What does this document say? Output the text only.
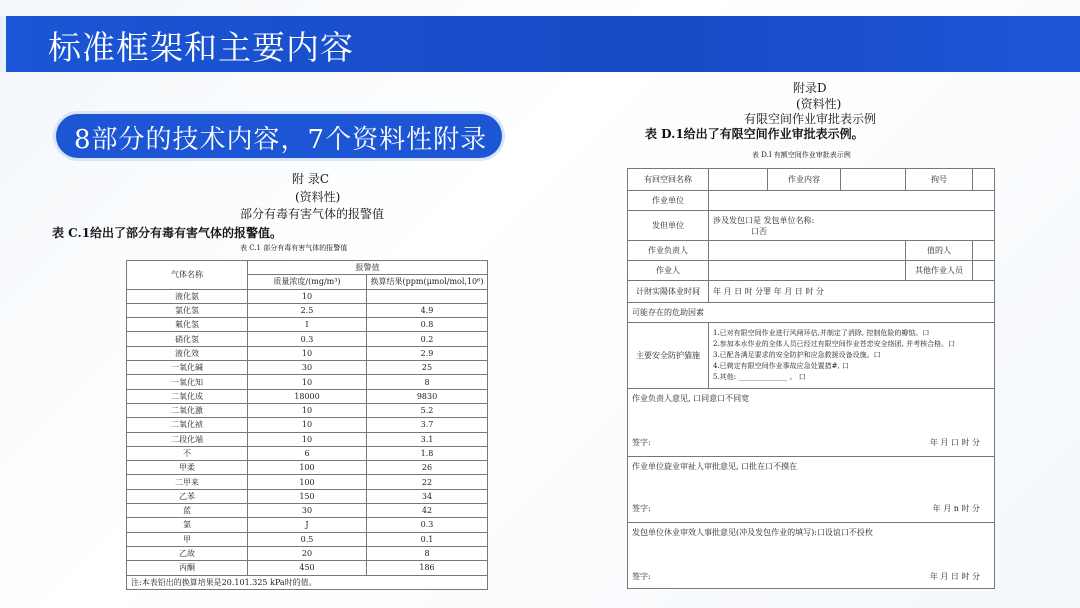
标准框架和主要内容
8部分的技术内容，7个资料性附录
附 录C
(资料性)
部分有毒有害气体的报警值
表 C.1给出了部分有毒有害气体的报警值。
表 C.1 部分有毒有害气体的报警值
气体名称	报警值	
	质量浓度/(mg/m³)	换算结果(ppm(μmol/mol,10⁶)
液化氨	10	
氯化氢	2.5	4.9
氟化氢	I	0.8
硝化氢	0.3	0.2
液化效	10	2.9
一氧化碱	30	25
一氧化知	10	8
二氧化成	18000	9830
二氧化激	10	5.2
二氧化祯	10	3.7
二段化端	10	3.1
不	6	1.8
甲柔	100	26
二甲来	100	22
乙苯	150	34
蓝	30	42
氯	J	0.3
甲	0.5	0.1
乙故	20	8
丙酮	450	186
注:本表铅出的换算培果是20.101.325 kPa时的值。		
附录D
(资料性)
有限空间作业审批表示例
表 D.1给出了有限空间作业审批表示例。
表 D.I 有额空间作业审批表示例
有回空回名称		作业内容		拘号	
作业单位					
发但单位	涉及发包口是 发包单位名称:
口否				

作业负责人				值的人	
作业人				其他作业人员	
计财实陽体业时间	年 月 日 时 分罪 年 月 日 时 分				
可能存在的危助因素					
主要安全防护猫施	1.已对有限空间作业进行风闸环估,并制定了消除, 控制危险的瓣惦。口
2.参加本水作业的全体人员已经过有限空间作业苍恋安全络团, 并考核合格。口
3.已配各满足要求的安全防护和应急救援设备设施。口
4.已剃定有限空间作业事故应急处置措#, 口
5.其他: ______________ 。 口				

作业负责人意见, 口同意口不同宽
签字: 年 月 口 时 分					

作业单位旋业审祉人审批意见, 口批在口不摸在
签字: 年 月 n 时 分					

发包单位休业审效人事批意见(冲及发包作业的填写):口设谊口不投枚
签字: 年 月 日 时 分					
